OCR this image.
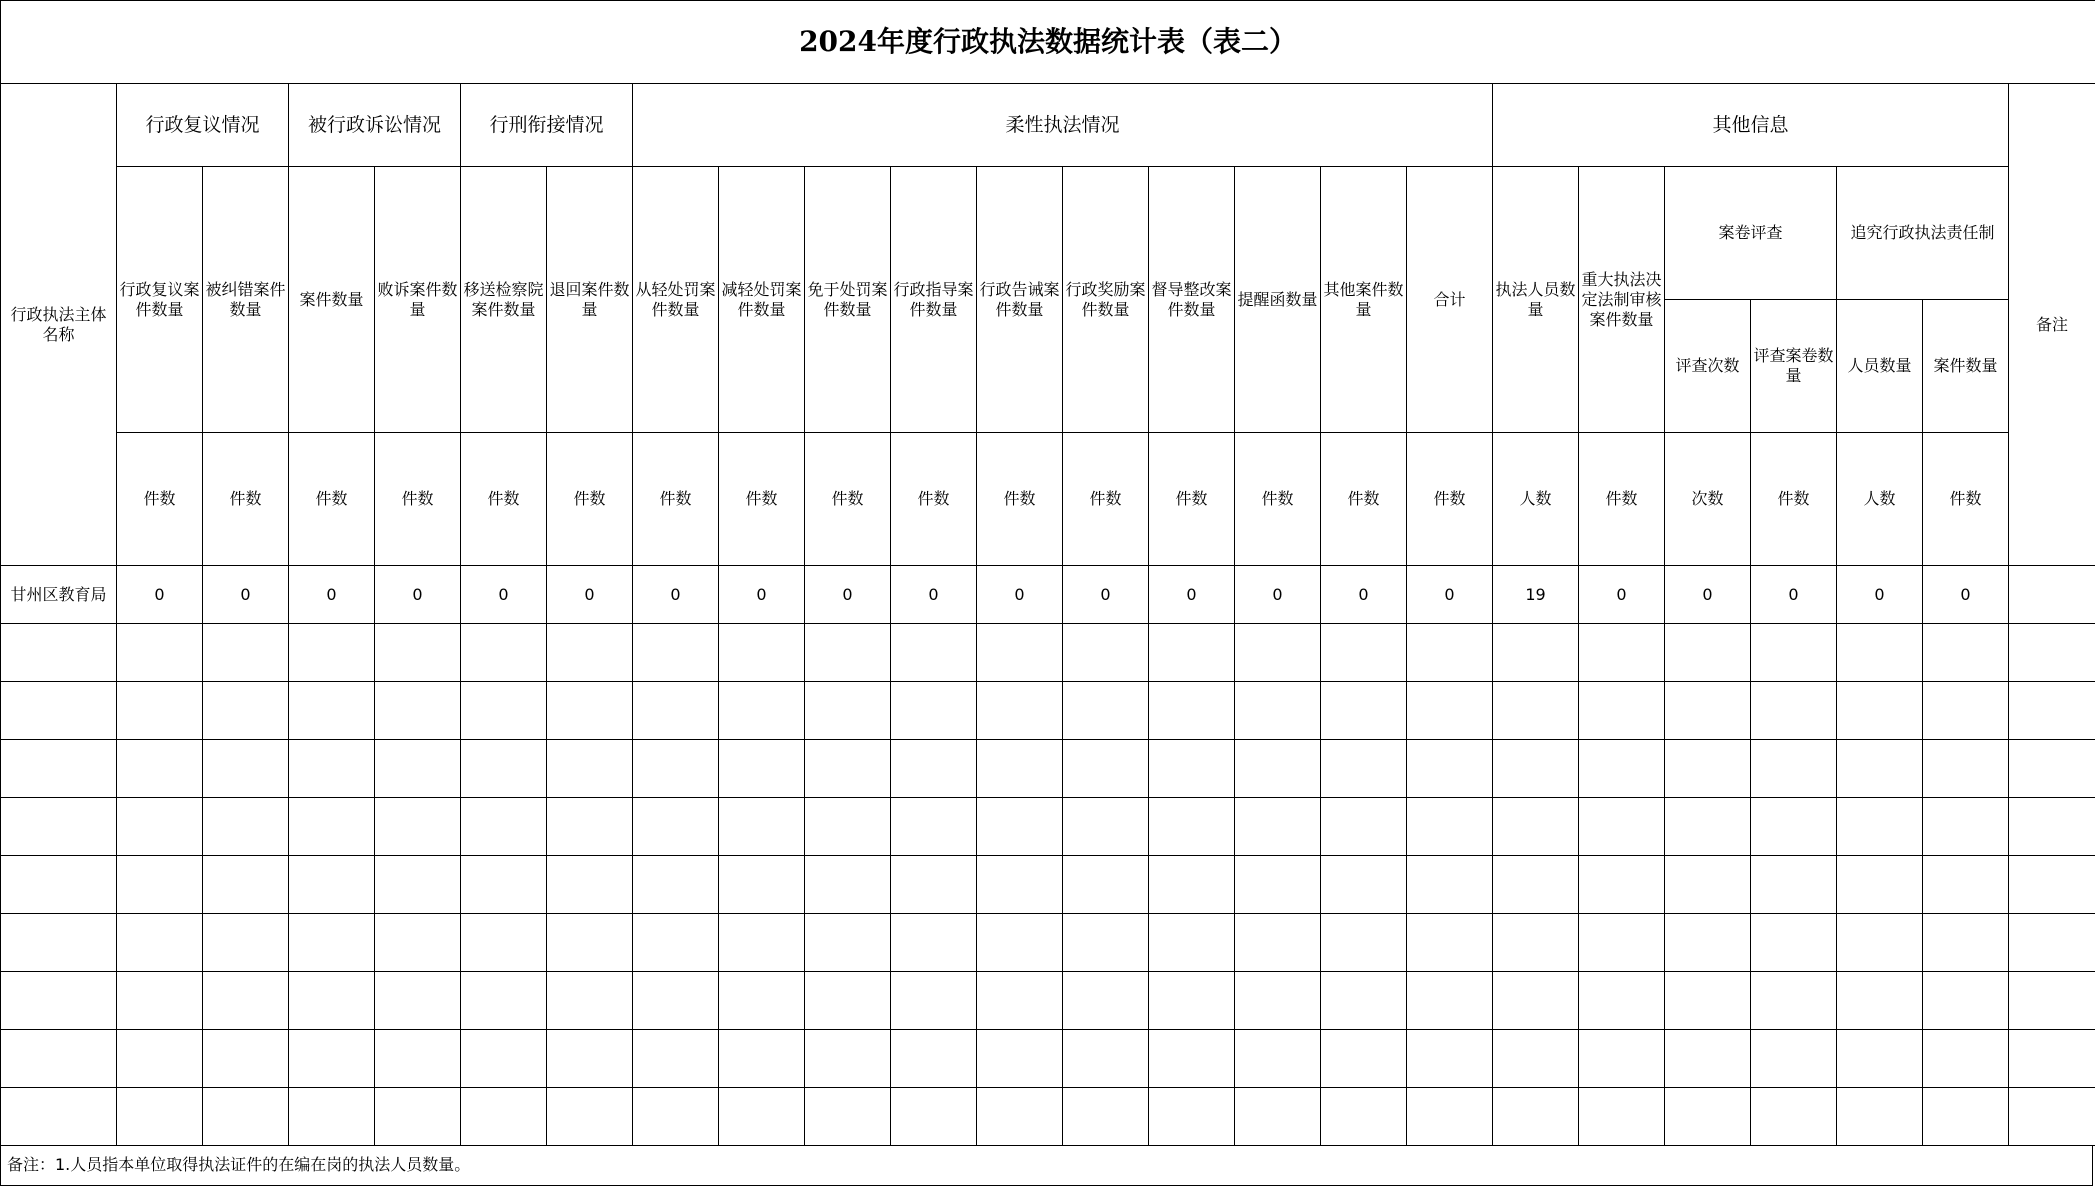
2024年度行政执法数据统计表（表二）																							
行政执法主体名称	行政复议情况		被行政诉讼情况		行刑衔接情况		柔性执法情况										其他信息						备注
	行政复议案件数量	被纠错案件数量	案件数量	败诉案件数量	移送检察院案件数量	退回案件数量	从轻处罚案件数量	减轻处罚案件数量	免于处罚案件数量	行政指导案件数量	行政告诫案件数量	行政奖励案件数量	督导整改案件数量	提醒函数量	其他案件数量	合计	执法人员数量	重大执法决定法制审核案件数量	案卷评查		追究行政执法责任制		
																			评查次数	评查案卷数量	人员数量	案件数量	
	件数	件数	件数	件数	件数	件数	件数	件数	件数	件数	件数	件数	件数	件数	件数	件数	人数	件数	次数	件数	人数	件数	
甘州区教育局	0	0	0	0	0	0	0	0	0	0	0	0	0	0	0	0	19	0	0	0	0	0	

备注：1.人员指本单位取得执法证件的在编在岗的执法人员数量。
